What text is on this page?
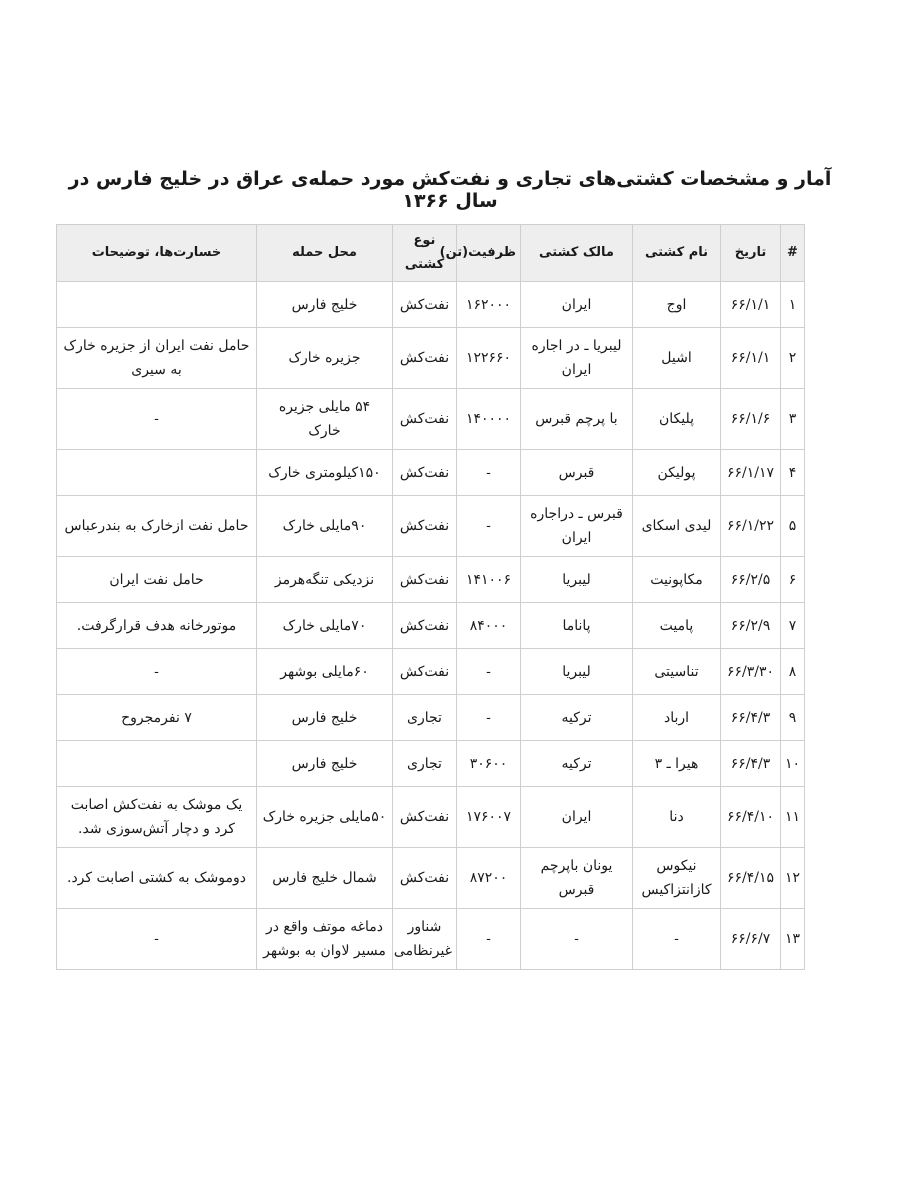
آمار و مشخصات کشتی‌های تجاری و نفت‌کش مورد حمله‌ی عراق در خلیج فارس در سال ۱۳۶۶
#	تاریخ	نام کشتی	مالک کشتی	ظرفیت(تن)	نوع کشتی	محل حمله	خسارت‌ها، توضیحات
۱	۶۶/۱/۱	اوج	ایران	۱۶۲۰۰۰	نفت‌کش	خلیج فارس	
۲	۶۶/۱/۱	اشیل	لیبریا ـ در اجاره ایران	۱۲۲۶۶۰	نفت‌کش	جزیره خارک	حامل نفت ایران از جزیره خارک به سیری
۳	۶۶/۱/۶	پلیکان	با پرچم قبرس	۱۴۰۰۰۰	نفت‌کش	۵۴ مایلی جزیره خارک	-
۴	۶۶/۱/۱۷	پولیکن	قبرس	-	نفت‌کش	۱۵۰کیلومتری خارک	
۵	۶۶/۱/۲۲	لیدی اسکای	قبرس ـ دراجاره ایران	-	نفت‌کش	۹۰مایلی خارک	حامل نفت ازخارک به بندرعباس
۶	۶۶/۲/۵	مکاپونیت	لیبریا	۱۴۱۰۰۶	نفت‌کش	نزدیکی تنگه‌هرمز	حامل نفت ایران
۷	۶۶/۲/۹	پامیت	پاناما	۸۴۰۰۰	نفت‌کش	۷۰مایلی خارک	موتورخانه هدف قرارگرفت.
۸	۶۶/۳/۳۰	تناسیتی	لیبریا	-	نفت‌کش	۶۰مایلی بوشهر	-
۹	۶۶/۴/۳	ارباد	ترکیه	-	تجاری	خلیج فارس	۷ نفرمجروح
۱۰	۶۶/۴/۳	هیرا ـ ۳	ترکیه	۳۰۶۰۰	تجاری	خلیج فارس	
۱۱	۶۶/۴/۱۰	دنا	ایران	۱۷۶۰۰۷	نفت‌کش	۵۰مایلی جزیره خارک	یک موشک به نفت‌کش اصابت کرد و دچار آتش‌سوزی شد.
۱۲	۶۶/۴/۱۵	نیکوس کازانتزاکیس	یونان باپرچم قبرس	۸۷۲۰۰	نفت‌کش	شمال خلیج فارس	دوموشک به کشتی اصابت کرد.
۱۳	۶۶/۶/۷	-	-	-	شناور غیرنظامی	دماغه موتف واقع در مسیر لاوان به بوشهر	-
